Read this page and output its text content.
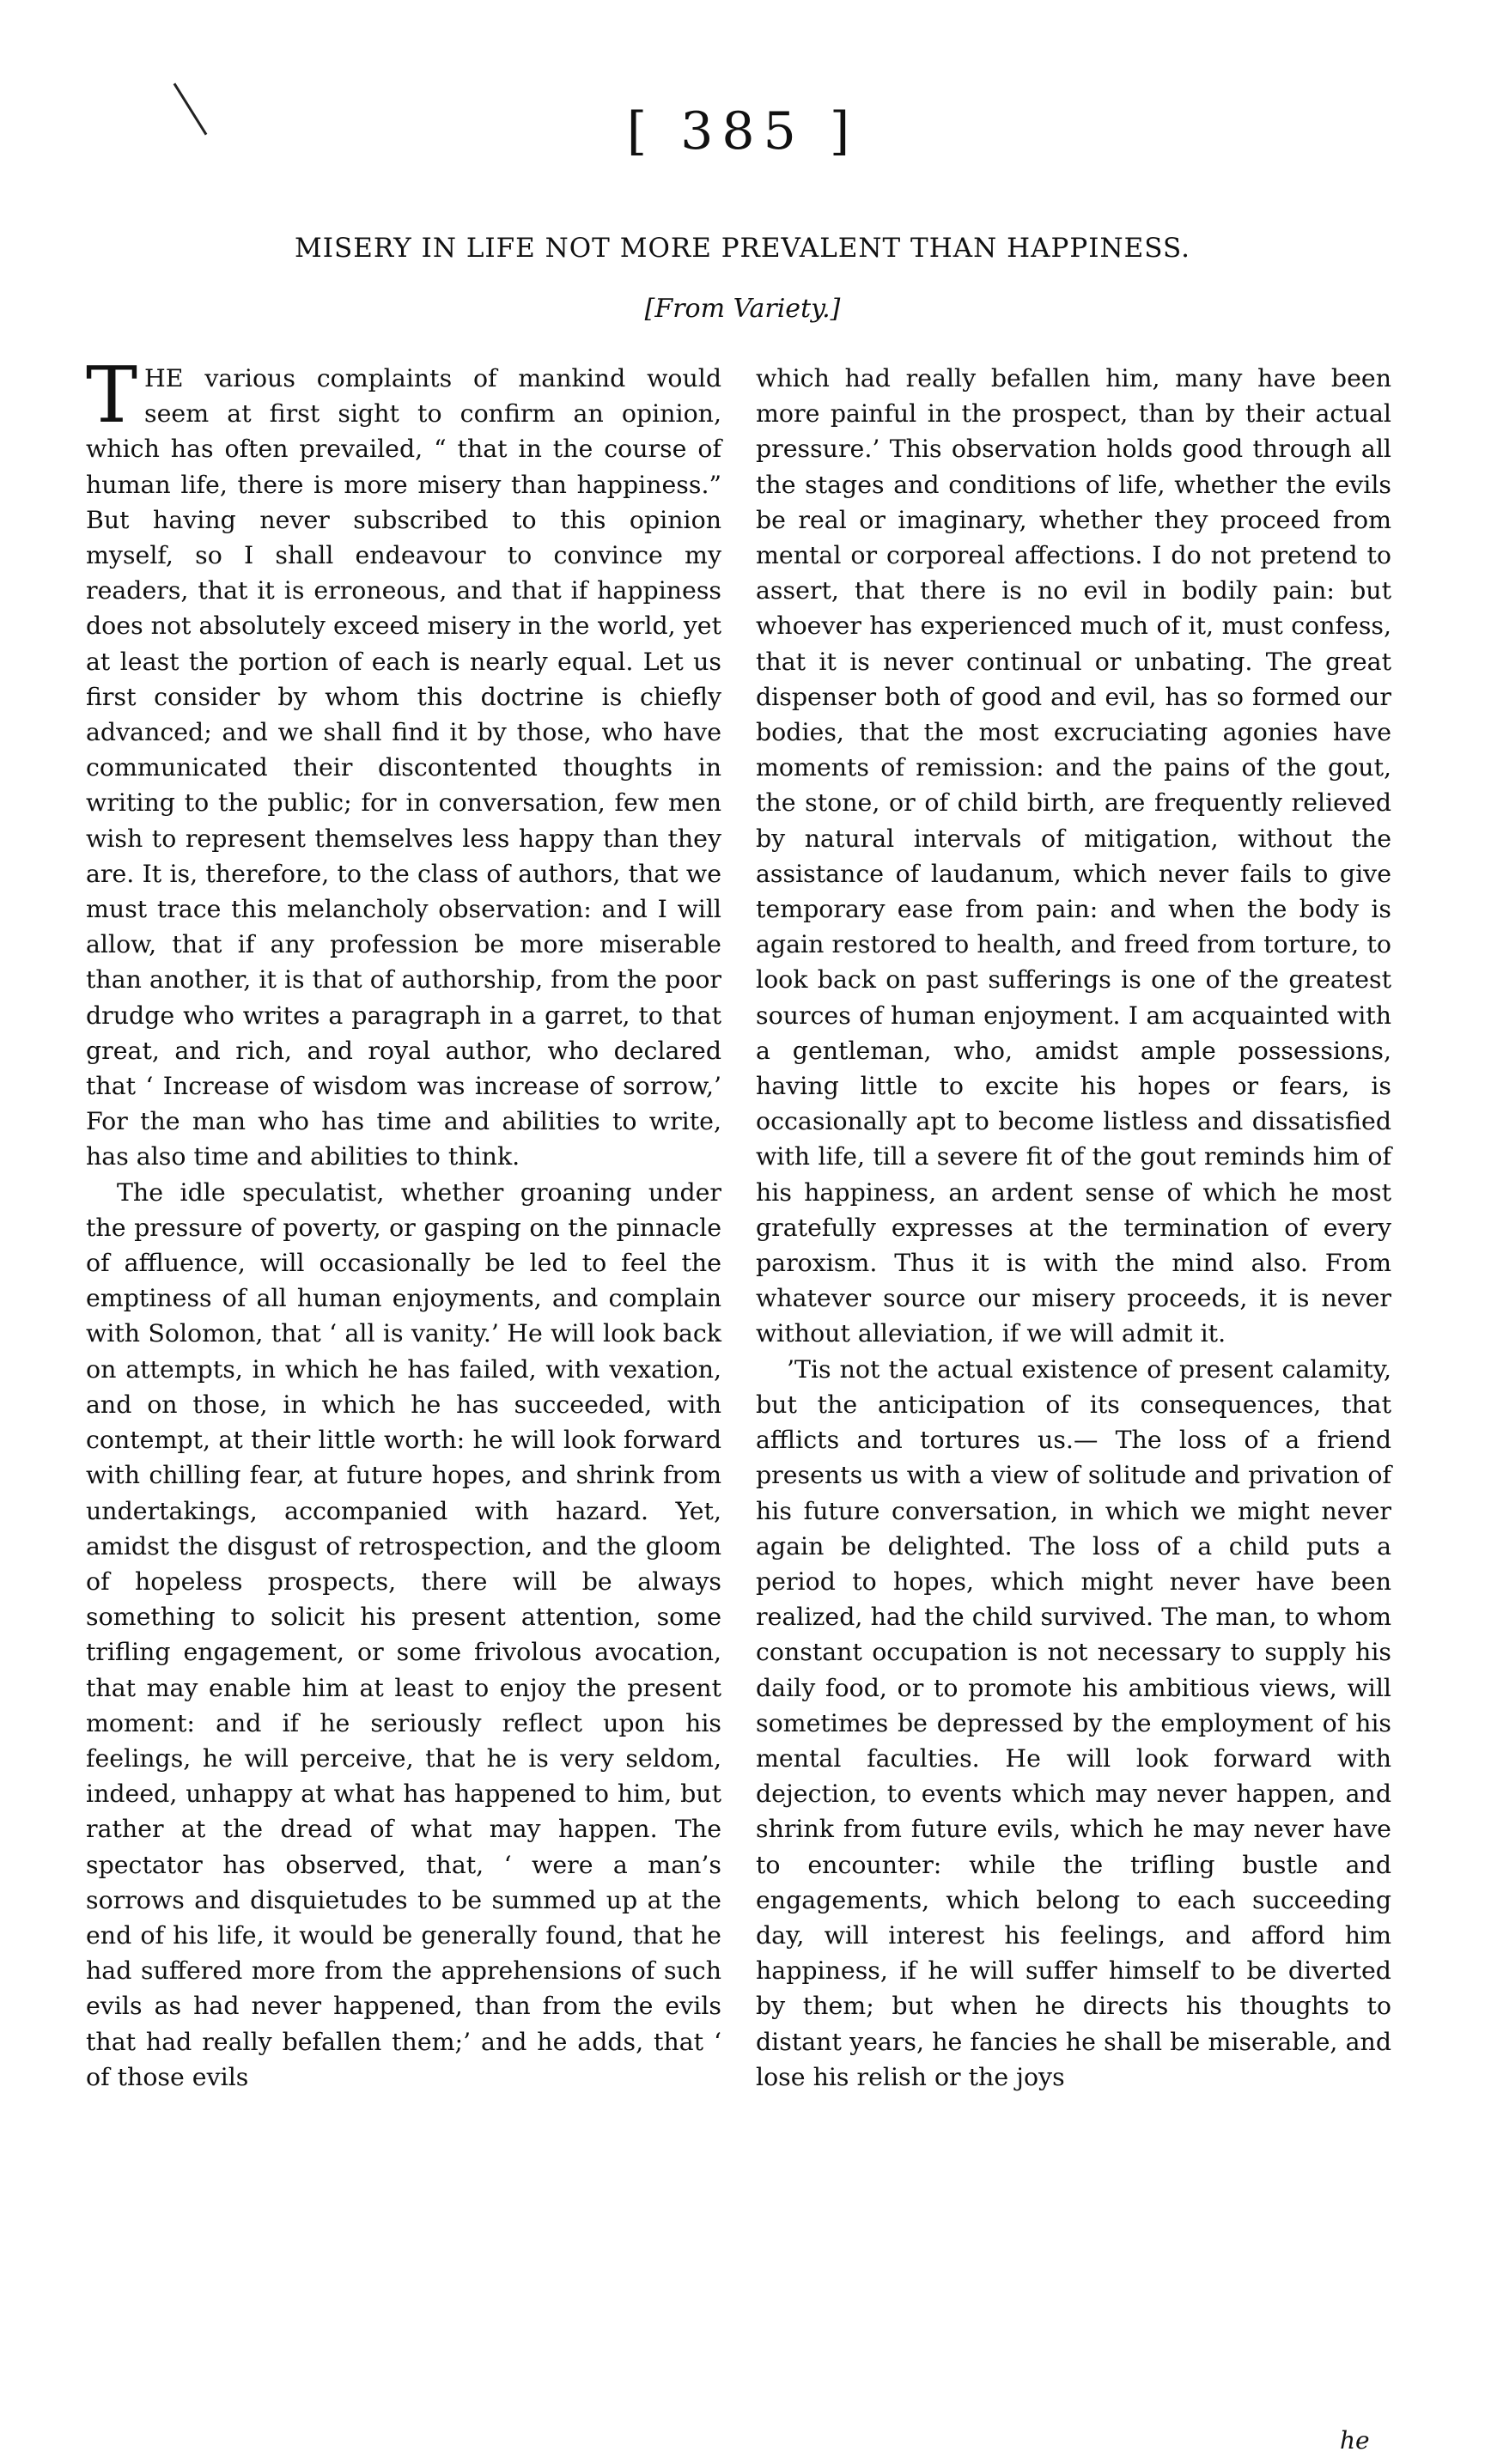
[ 385 ]
MISERY IN LIFE NOT MORE PREVALENT THAN HAPPINESS.
[From Variety.]

THE various complaints of mankind would seem at first sight to confirm an opinion, which has often prevailed, “ that in the course of human life, there is more misery than happiness.” But having never subscribed to this opinion myself, so I shall endeavour to convince my readers, that it is erroneous, and that if happiness does not absolutely exceed misery in the world, yet at least the portion of each is nearly equal. Let us first consider by whom this doctrine is chiefly advanced; and we shall find it by those, who have communicated their discontented thoughts in writing to the public; for in conversation, few men wish to represent themselves less happy than they are. It is, therefore, to the class of authors, that we must trace this melancholy observation: and I will allow, that if any profession be more miserable than another, it is that of authorship, from the poor drudge who writes a paragraph in a garret, to that great, and rich, and royal author, who declared that ‘ Increase of wisdom was increase of sorrow,’ For the man who has time and abilities to write, has also time and abilities to think.

The idle speculatist, whether groaning under the pressure of poverty, or gasping on the pinnacle of affluence, will occasionally be led to feel the emptiness of all human enjoyments, and complain with Solomon, that ‘ all is vanity.’ He will look back on attempts, in which he has failed, with vexation, and on those, in which he has succeeded, with contempt, at their little worth: he will look forward with chilling fear, at future hopes, and shrink from undertakings, accompanied with hazard. Yet, amidst the disgust of retrospection, and the gloom of hopeless prospects, there will be always something to solicit his present attention, some trifling engagement, or some frivolous avocation, that may enable him at least to enjoy the present moment: and if he seriously reflect upon his feelings, he will perceive, that he is very seldom, indeed, unhappy at what has happened to him, but rather at the dread of what may happen. The spectator has observed, that, ‘ were a man’s sorrows and disquietudes to be summed up at the end of his life, it would be generally found, that he had suffered more from the apprehensions of such evils as had never happened, than from the evils that had really befallen them;’ and he adds, that ‘ of those evils

which had really befallen him, many have been more painful in the prospect, than by their actual pressure.’ This observation holds good through all the stages and conditions of life, whether the evils be real or imaginary, whether they proceed from mental or corporeal affections. I do not pretend to assert, that there is no evil in bodily pain: but whoever has experienced much of it, must confess, that it is never continual or unbating. The great dispenser both of good and evil, has so formed our bodies, that the most excruciating agonies have moments of remission: and the pains of the gout, the stone, or of child birth, are frequently relieved by natural intervals of mitigation, without the assistance of laudanum, which never fails to give temporary ease from pain: and when the body is again restored to health, and freed from torture, to look back on past sufferings is one of the greatest sources of human enjoyment. I am acquainted with a gentleman, who, amidst ample possessions, having little to excite his hopes or fears, is occasionally apt to become listless and dissatisfied with life, till a severe fit of the gout reminds him of his happiness, an ardent sense of which he most gratefully expresses at the termination of every paroxism. Thus it is with the mind also. From whatever source our misery proceeds, it is never without alleviation, if we will admit it.

’Tis not the actual existence of present calamity, but the anticipation of its consequences, that afflicts and tortures us.— The loss of a friend presents us with a view of solitude and privation of his future conversation, in which we might never again be delighted. The loss of a child puts a period to hopes, which might never have been realized, had the child survived. The man, to whom constant occupation is not necessary to supply his daily food, or to promote his ambitious views, will sometimes be depressed by the employment of his mental faculties. He will look forward with dejection, to events which may never happen, and shrink from future evils, which he may never have to encounter: while the trifling bustle and engagements, which belong to each succeeding day, will interest his feelings, and afford him happiness, if he will suffer himself to be diverted by them; but when he directs his thoughts to distant years, he fancies he shall be miserable, and lose his relish or the joys

he
